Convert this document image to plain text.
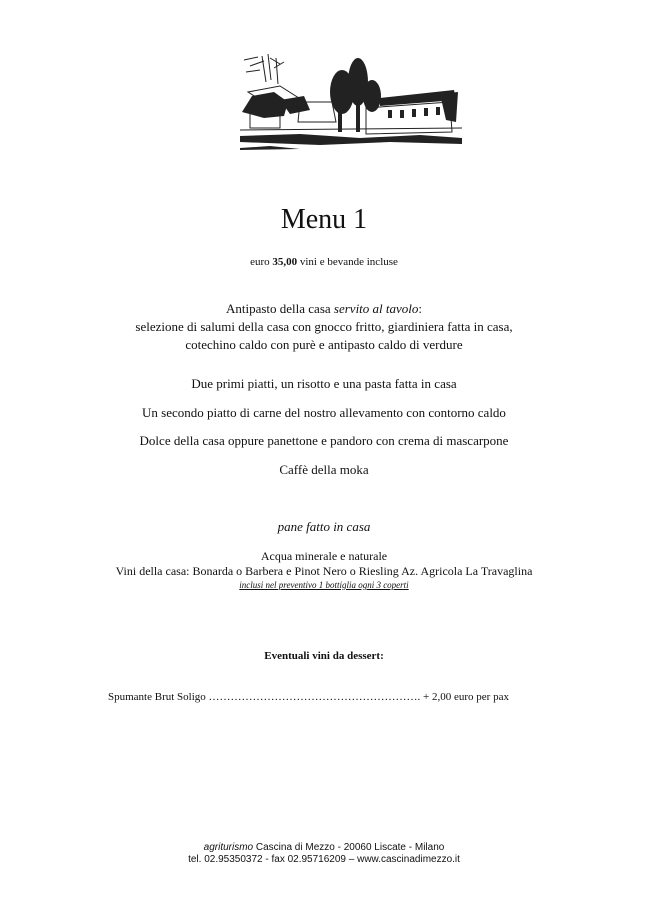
Menu 1
euro 35,00 vini e bevande incluse
Antipasto della casa servito al tavolo:
selezione di salumi della casa con gnocco fritto, giardiniera fatta in casa,
cotechino caldo con purè e antipasto caldo di verdure
Due primi piatti, un risotto e una pasta fatta in casa
Un secondo piatto di carne del nostro allevamento con contorno caldo
Dolce della casa oppure panettone e pandoro con crema di mascarpone
Caffè della moka
pane fatto in casa
Acqua minerale e naturale
Vini della casa: Bonarda o Barbera e Pinot Nero o Riesling Az. Agricola La Travaglina
inclusi nel preventivo 1 bottiglia ogni 3 coperti
Eventuali vini da dessert:
Spumante Brut Soligo …………………………………………………. + 2,00 euro per pax
agriturismo Cascina di Mezzo - 20060 Liscate - Milano
tel. 02.95350372 - fax 02.95716209 – www.cascinadimezzo.it
